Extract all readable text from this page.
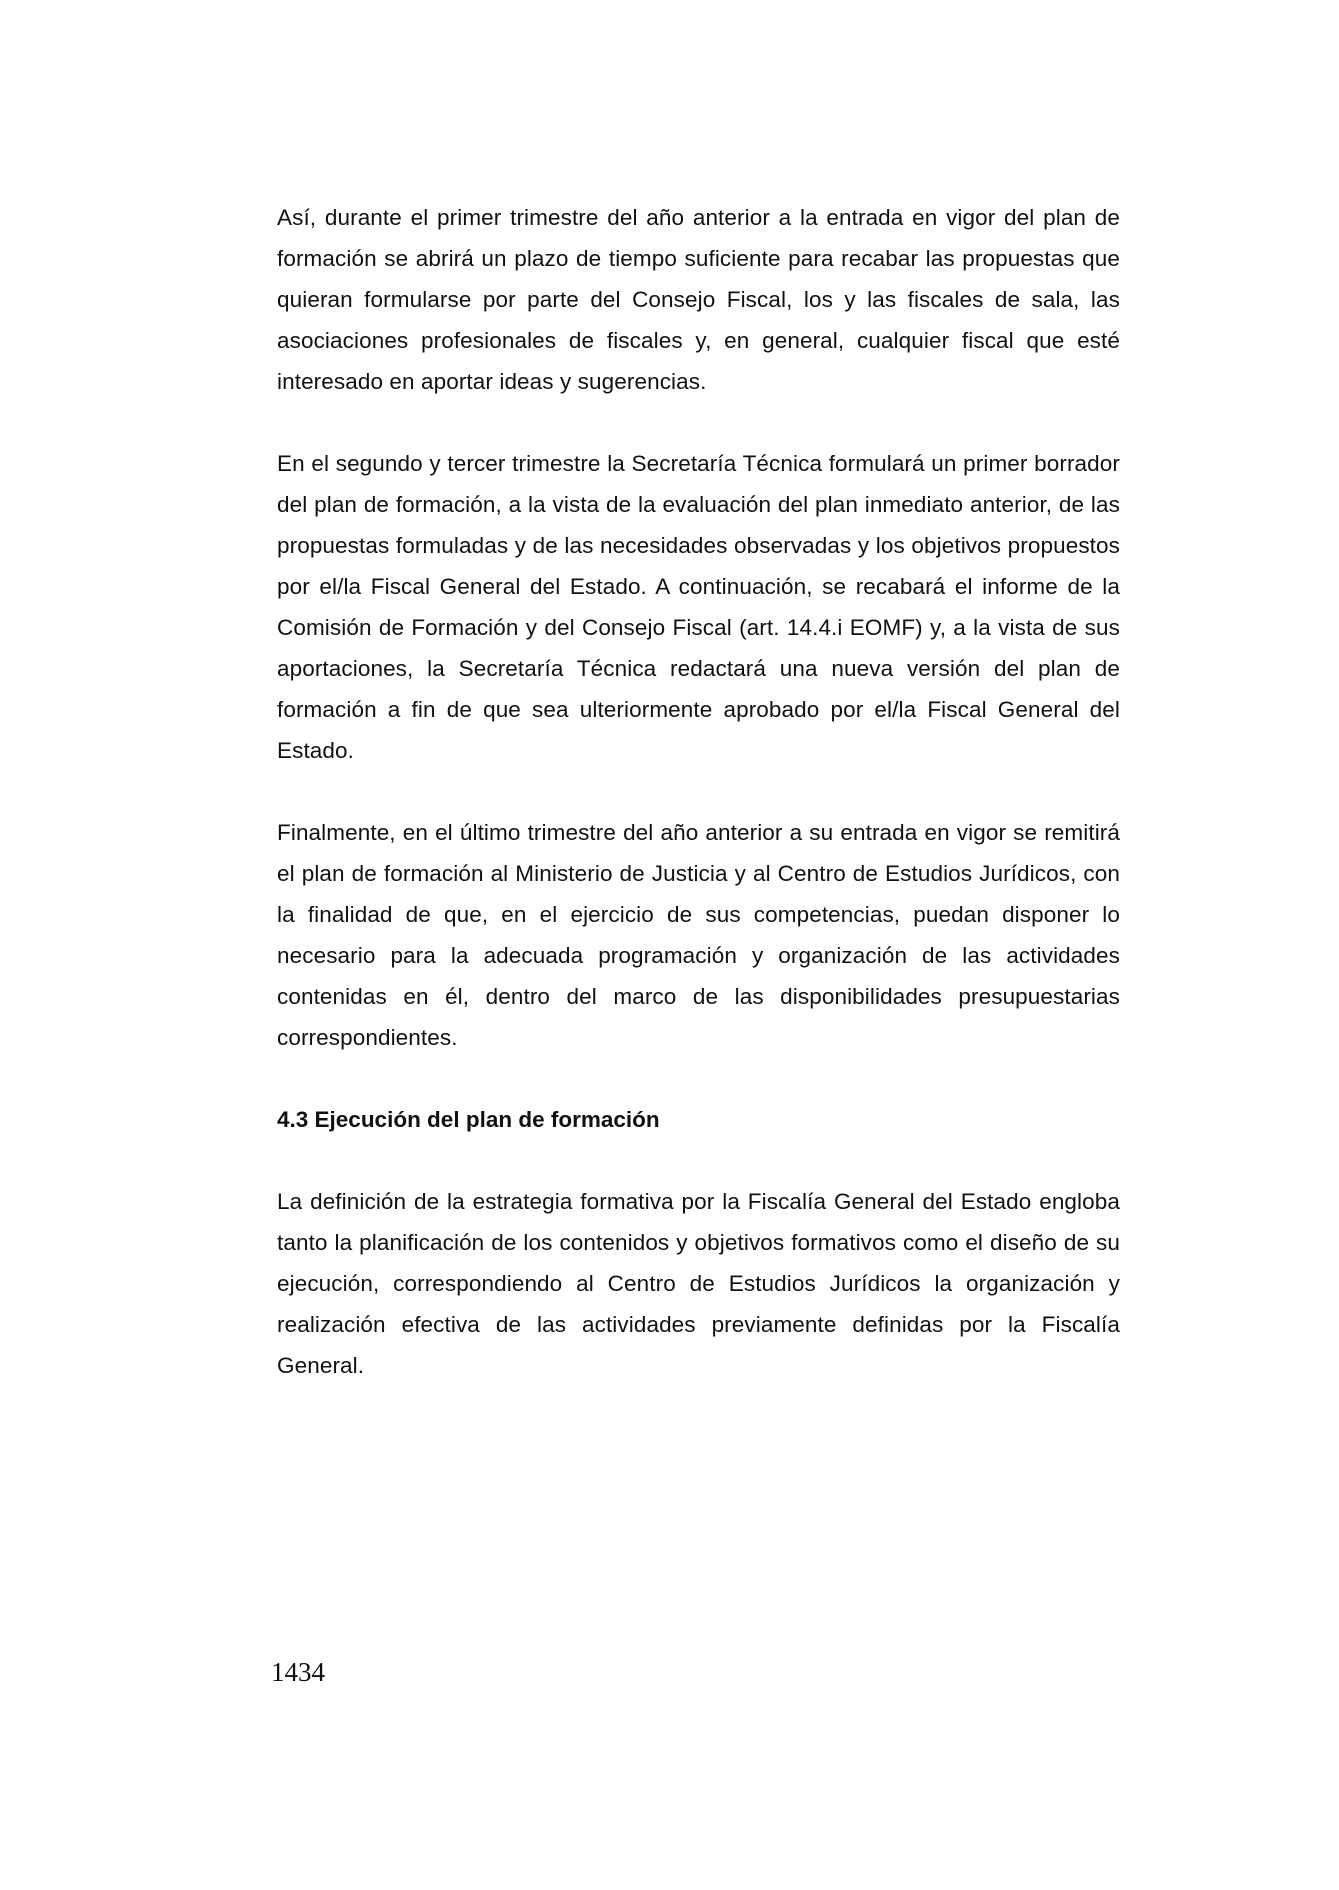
Así, durante el primer trimestre del año anterior a la entrada en vigor del plan de formación se abrirá un plazo de tiempo suficiente para recabar las propuestas que quieran formularse por parte del Consejo Fiscal, los y las fiscales de sala, las asociaciones profesionales de fiscales y, en general, cualquier fiscal que esté interesado en aportar ideas y sugerencias.

En el segundo y tercer trimestre la Secretaría Técnica formulará un primer borrador del plan de formación, a la vista de la evaluación del plan inmediato anterior, de las propuestas formuladas y de las necesidades observadas y los objetivos propuestos por el/la Fiscal General del Estado. A continuación, se recabará el informe de la Comisión de Formación y del Consejo Fiscal (art. 14.4.i EOMF) y, a la vista de sus aportaciones, la Secretaría Técnica redactará una nueva versión del plan de formación a fin de que sea ulteriormente aprobado por el/la Fiscal General del Estado.

Finalmente, en el último trimestre del año anterior a su entrada en vigor se remitirá el plan de formación al Ministerio de Justicia y al Centro de Estudios Jurídicos, con la finalidad de que, en el ejercicio de sus competencias, puedan disponer lo necesario para la adecuada programación y organización de las actividades contenidas en él, dentro del marco de las disponibilidades presupuestarias correspondientes.

4.3 Ejecución del plan de formación

La definición de la estrategia formativa por la Fiscalía General del Estado engloba tanto la planificación de los contenidos y objetivos formativos como el diseño de su ejecución, correspondiendo al Centro de Estudios Jurídicos la organización y realización efectiva de las actividades previamente definidas por la Fiscalía General.

1434
